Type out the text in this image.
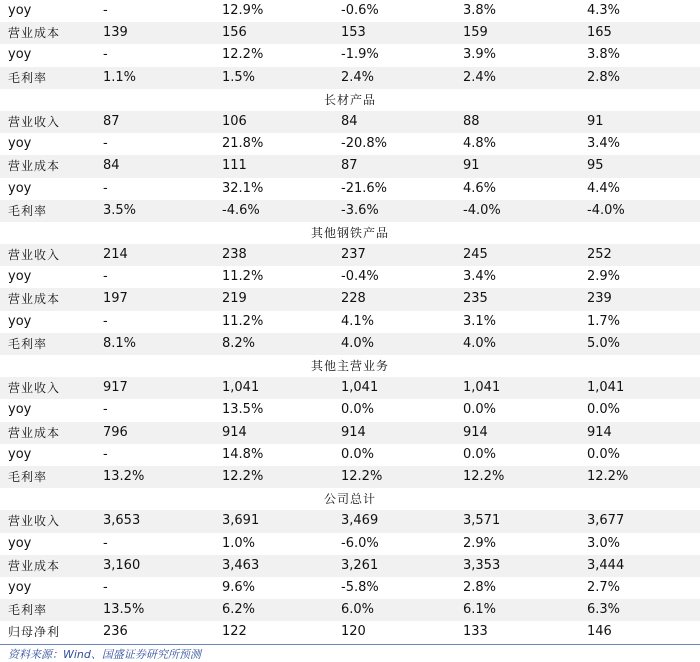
yoy	-	12.9%	-0.6%	3.8%	4.3%
营业成本	139	156	153	159	165
yoy	-	12.2%	-1.9%	3.9%	3.8%
毛利率	1.1%	1.5%	2.4%	2.4%	2.8%
长材产品
营业收入	87	106	84	88	91
yoy	-	21.8%	-20.8%	4.8%	3.4%
营业成本	84	111	87	91	95
yoy	-	32.1%	-21.6%	4.6%	4.4%
毛利率	3.5%	-4.6%	-3.6%	-4.0%	-4.0%
其他钢铁产品
营业收入	214	238	237	245	252
yoy	-	11.2%	-0.4%	3.4%	2.9%
营业成本	197	219	228	235	239
yoy	-	11.2%	4.1%	3.1%	1.7%
毛利率	8.1%	8.2%	4.0%	4.0%	5.0%
其他主营业务
营业收入	917	1,041	1,041	1,041	1,041
yoy	-	13.5%	0.0%	0.0%	0.0%
营业成本	796	914	914	914	914
yoy	-	14.8%	0.0%	0.0%	0.0%
毛利率	13.2%	12.2%	12.2%	12.2%	12.2%
公司总计
营业收入	3,653	3,691	3,469	3,571	3,677
yoy	-	1.0%	-6.0%	2.9%	3.0%
营业成本	3,160	3,463	3,261	3,353	3,444
yoy	-	9.6%	-5.8%	2.8%	2.7%
毛利率	13.5%	6.2%	6.0%	6.1%	6.3%
归母净利	236	122	120	133	146
资料来源：Wind、国盛证券研究所预测
